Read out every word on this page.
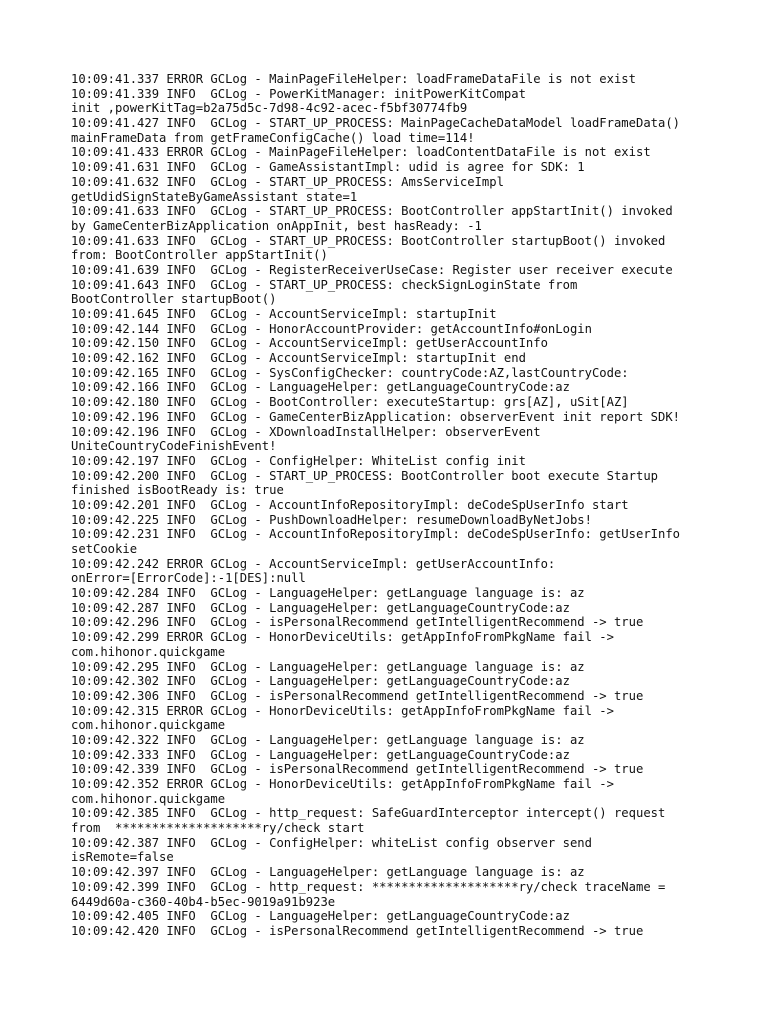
10:09:41.337 ERROR GCLog - MainPageFileHelper: loadFrameDataFile is not exist
10:09:41.339 INFO  GCLog - PowerKitManager: initPowerKitCompat
init ,powerKitTag=b2a75d5c-7d98-4c92-acec-f5bf30774fb9
10:09:41.427 INFO  GCLog - START_UP_PROCESS: MainPageCacheDataModel loadFrameData()
mainFrameData from getFrameConfigCache() load time=114!
10:09:41.433 ERROR GCLog - MainPageFileHelper: loadContentDataFile is not exist
10:09:41.631 INFO  GCLog - GameAssistantImpl: udid is agree for SDK: 1
10:09:41.632 INFO  GCLog - START_UP_PROCESS: AmsServiceImpl
getUdidSignStateByGameAssistant state=1
10:09:41.633 INFO  GCLog - START_UP_PROCESS: BootController appStartInit() invoked
by GameCenterBizApplication onAppInit, best hasReady: -1
10:09:41.633 INFO  GCLog - START_UP_PROCESS: BootController startupBoot() invoked
from: BootController appStartInit()
10:09:41.639 INFO  GCLog - RegisterReceiverUseCase: Register user receiver execute
10:09:41.643 INFO  GCLog - START_UP_PROCESS: checkSignLoginState from
BootController startupBoot()
10:09:41.645 INFO  GCLog - AccountServiceImpl: startupInit
10:09:42.144 INFO  GCLog - HonorAccountProvider: getAccountInfo#onLogin
10:09:42.150 INFO  GCLog - AccountServiceImpl: getUserAccountInfo
10:09:42.162 INFO  GCLog - AccountServiceImpl: startupInit end
10:09:42.165 INFO  GCLog - SysConfigChecker: countryCode:AZ,lastCountryCode:
10:09:42.166 INFO  GCLog - LanguageHelper: getLanguageCountryCode:az
10:09:42.180 INFO  GCLog - BootController: executeStartup: grs[AZ], uSit[AZ]
10:09:42.196 INFO  GCLog - GameCenterBizApplication: observerEvent init report SDK!
10:09:42.196 INFO  GCLog - XDownloadInstallHelper: observerEvent
UniteCountryCodeFinishEvent!
10:09:42.197 INFO  GCLog - ConfigHelper: WhiteList config init
10:09:42.200 INFO  GCLog - START_UP_PROCESS: BootController boot execute Startup
finished isBootReady is: true
10:09:42.201 INFO  GCLog - AccountInfoRepositoryImpl: deCodeSpUserInfo start
10:09:42.225 INFO  GCLog - PushDownloadHelper: resumeDownloadByNetJobs!
10:09:42.231 INFO  GCLog - AccountInfoRepositoryImpl: deCodeSpUserInfo: getUserInfo
setCookie
10:09:42.242 ERROR GCLog - AccountServiceImpl: getUserAccountInfo:
onError=[ErrorCode]:-1[DES]:null
10:09:42.284 INFO  GCLog - LanguageHelper: getLanguage language is: az
10:09:42.287 INFO  GCLog - LanguageHelper: getLanguageCountryCode:az
10:09:42.296 INFO  GCLog - isPersonalRecommend getIntelligentRecommend -> true
10:09:42.299 ERROR GCLog - HonorDeviceUtils: getAppInfoFromPkgName fail ->
com.hihonor.quickgame
10:09:42.295 INFO  GCLog - LanguageHelper: getLanguage language is: az
10:09:42.302 INFO  GCLog - LanguageHelper: getLanguageCountryCode:az
10:09:42.306 INFO  GCLog - isPersonalRecommend getIntelligentRecommend -> true
10:09:42.315 ERROR GCLog - HonorDeviceUtils: getAppInfoFromPkgName fail ->
com.hihonor.quickgame
10:09:42.322 INFO  GCLog - LanguageHelper: getLanguage language is: az
10:09:42.333 INFO  GCLog - LanguageHelper: getLanguageCountryCode:az
10:09:42.339 INFO  GCLog - isPersonalRecommend getIntelligentRecommend -> true
10:09:42.352 ERROR GCLog - HonorDeviceUtils: getAppInfoFromPkgName fail ->
com.hihonor.quickgame
10:09:42.385 INFO  GCLog - http_request: SafeGuardInterceptor intercept() request
from  ********************ry/check start
10:09:42.387 INFO  GCLog - ConfigHelper: whiteList config observer send
isRemote=false
10:09:42.397 INFO  GCLog - LanguageHelper: getLanguage language is: az
10:09:42.399 INFO  GCLog - http_request: ********************ry/check traceName =
6449d60a-c360-40b4-b5ec-9019a91b923e
10:09:42.405 INFO  GCLog - LanguageHelper: getLanguageCountryCode:az
10:09:42.420 INFO  GCLog - isPersonalRecommend getIntelligentRecommend -> true
